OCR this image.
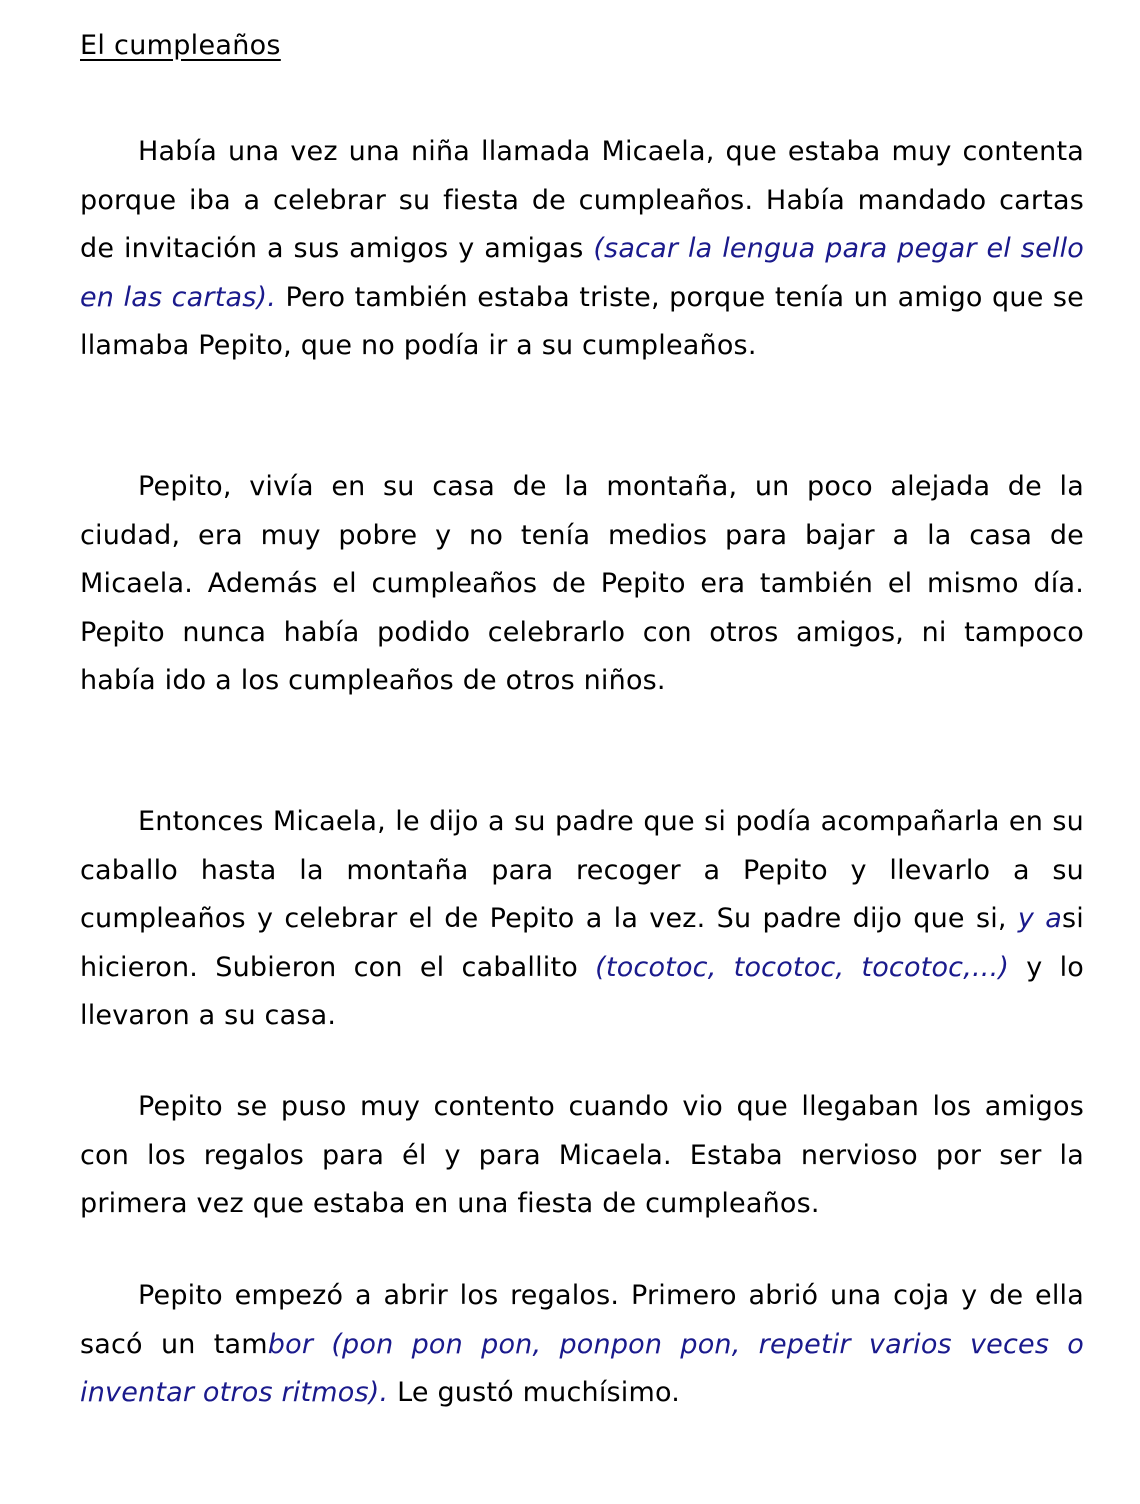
El cumpleaños

Había una vez una niña llamada Micaela, que estaba muy contenta porque iba a celebrar su fiesta de cumpleaños. Había mandado cartas de invitación a sus amigos y amigas (sacar la lengua para pegar el sello en las cartas). Pero también estaba triste, porque tenía un amigo que se llamaba Pepito, que no podía ir a su cumpleaños.

Pepito, vivía en su casa de la montaña, un poco alejada de la ciudad, era muy pobre y no tenía medios para bajar a la casa de Micaela. Además el cumpleaños de Pepito era también el mismo día. Pepito nunca había podido celebrarlo con otros amigos, ni tampoco había ido a los cumpleaños de otros niños.

Entonces Micaela, le dijo a su padre que si podía acompañarla en su caballo hasta la montaña para recoger a Pepito y llevarlo a su cumpleaños y celebrar el de Pepito a la vez. Su padre dijo que si, y asi hicieron. Subieron con el caballito (tocotoc, tocotoc, tocotoc,...) y lo llevaron a su casa.

Pepito se puso muy contento cuando vio que llegaban los amigos con los regalos para él y para Micaela. Estaba nervioso por ser la primera vez que estaba en una fiesta de cumpleaños.

Pepito empezó a abrir los regalos. Primero abrió una coja y de ella sacó un tambor (pon pon pon, ponpon pon, repetir varios veces o inventar otros ritmos). Le gustó muchísimo.
